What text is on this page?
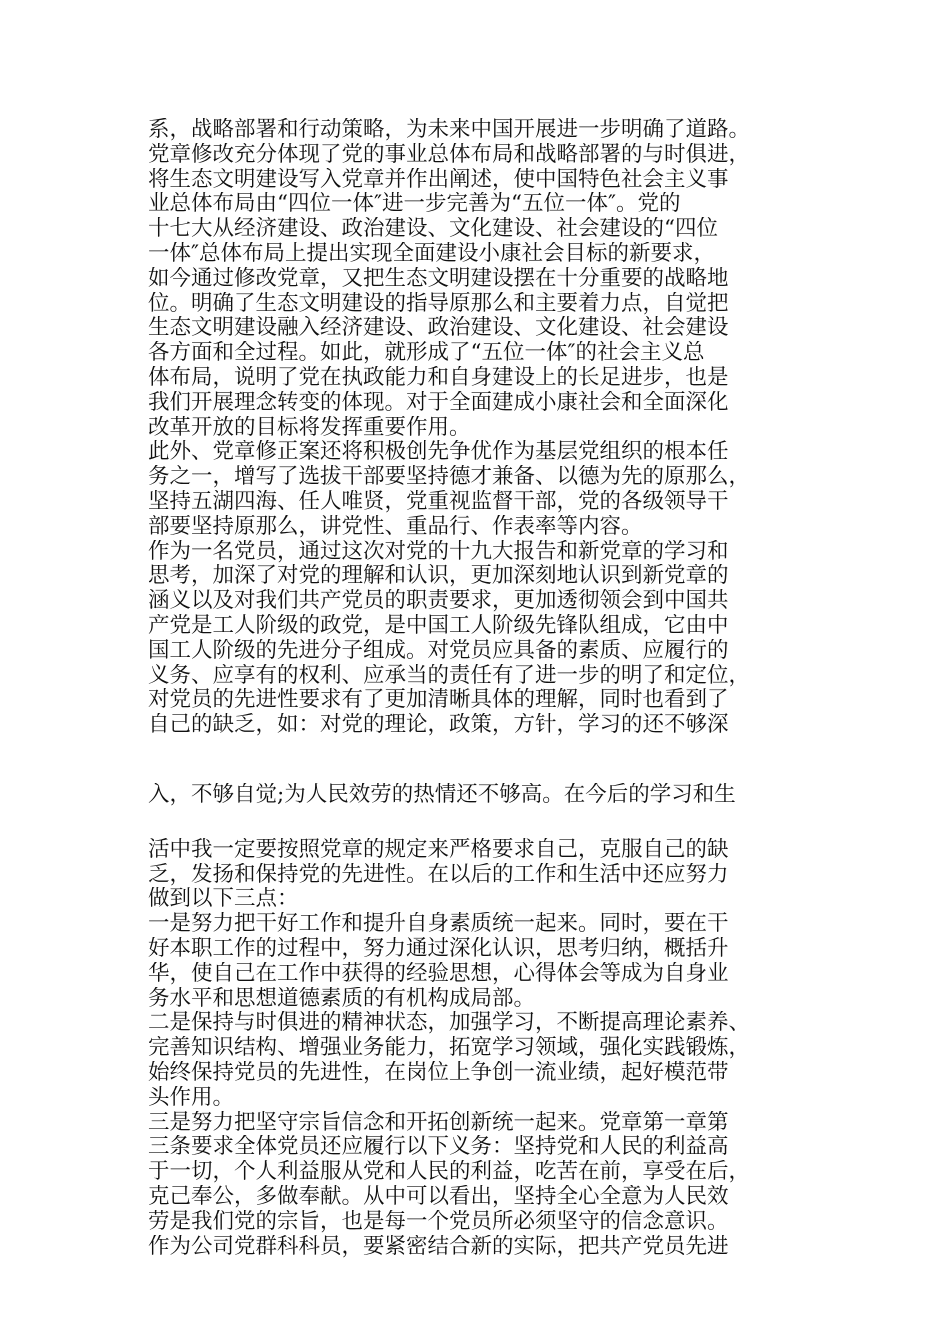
系，战略部署和行动策略，为未来中国开展进一步明确了道路。
党章修改充分体现了党的事业总体布局和战略部署的与时俱进，
将生态文明建设写入党章并作出阐述，使中国特色社会主义事
业总体布局由“四位一体″进一步完善为“五位一体″。党的
十七大从经济建设、政治建设、文化建设、社会建设的“四位
一体″总体布局上提出实现全面建设小康社会目标的新要求，
如今通过修改党章，又把生态文明建设摆在十分重要的战略地
位。明确了生态文明建设的指导原那么和主要着力点，自觉把
生态文明建设融入经济建设、政治建设、文化建设、社会建设
各方面和全过程。如此，就形成了“五位一体″的社会主义总
体布局，说明了党在执政能力和自身建设上的长足进步，也是
我们开展理念转变的体现。对于全面建成小康社会和全面深化
改革开放的目标将发挥重要作用。
此外、党章修正案还将积极创先争优作为基层党组织的根本任
务之一，增写了选拔干部要坚持德才兼备、以德为先的原那么，
坚持五湖四海、任人唯贤，党重视监督干部，党的各级领导干
部要坚持原那么，讲党性、重品行、作表率等内容。
作为一名党员，通过这次对党的十九大报告和新党章的学习和
思考，加深了对党的理解和认识，更加深刻地认识到新党章的
涵义以及对我们共产党员的职责要求，更加透彻领会到中国共
产党是工人阶级的政党，是中国工人阶级先锋队组成，它由中
国工人阶级的先进分子组成。对党员应具备的素质、应履行的
义务、应享有的权利、应承当的责任有了进一步的明了和定位，
对党员的先进性要求有了更加清晰具体的理解，同时也看到了
自己的缺乏，如：对党的理论，政策，方针，学习的还不够深
入，不够自觉;为人民效劳的热情还不够高。在今后的学习和生
活中我一定要按照党章的规定来严格要求自己，克服自己的缺
乏，发扬和保持党的先进性。在以后的工作和生活中还应努力
做到以下三点：
一是努力把干好工作和提升自身素质统一起来。同时，要在干
好本职工作的过程中，努力通过深化认识，思考归纳，概括升
华，使自己在工作中获得的经验思想，心得体会等成为自身业
务水平和思想道德素质的有机构成局部。
二是保持与时俱进的精神状态，加强学习，不断提高理论素养、
完善知识结构、增强业务能力，拓宽学习领域，强化实践锻炼，
始终保持党员的先进性，在岗位上争创一流业绩，起好模范带
头作用。
三是努力把坚守宗旨信念和开拓创新统一起来。党章第一章第
三条要求全体党员还应履行以下义务：坚持党和人民的利益高
于一切，个人利益服从党和人民的利益，吃苦在前，享受在后，
克己奉公，多做奉献。从中可以看出，坚持全心全意为人民效
劳是我们党的宗旨，也是每一个党员所必须坚守的信念意识。
作为公司党群科科员，要紧密结合新的实际，把共产党员先进
